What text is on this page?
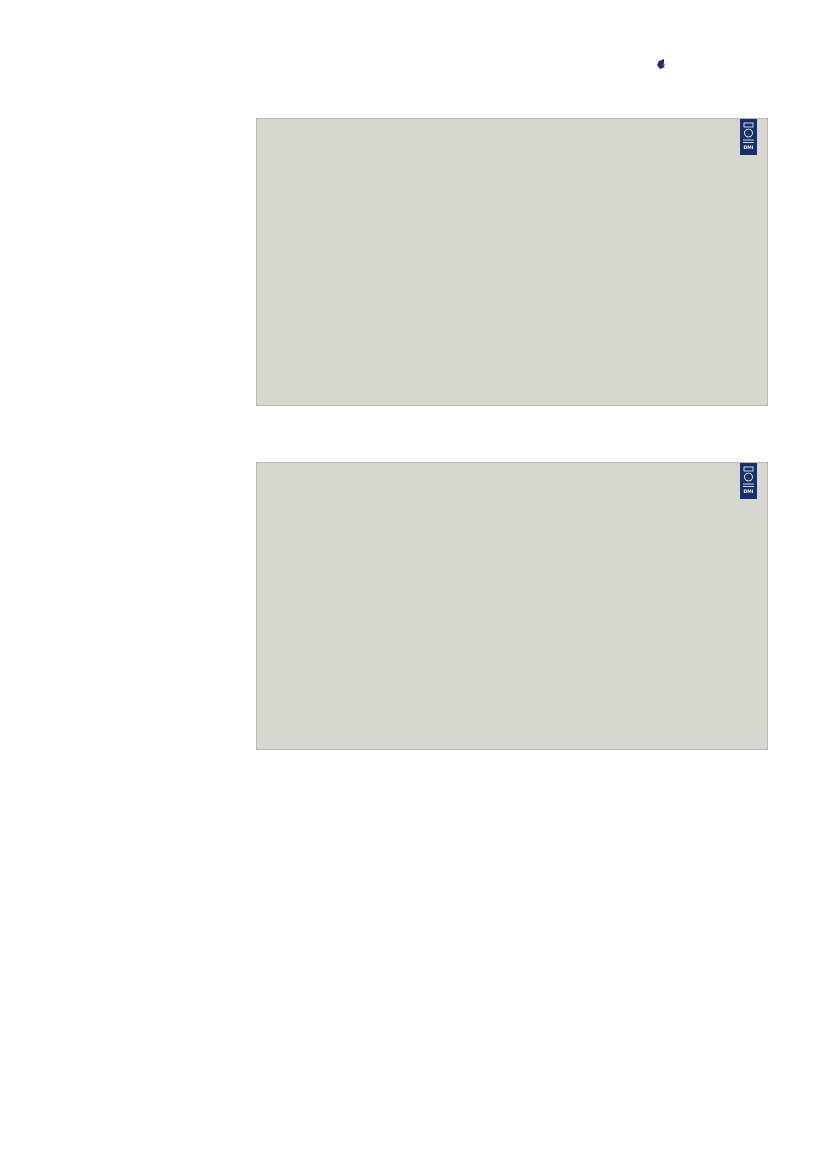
DMI
DMI
